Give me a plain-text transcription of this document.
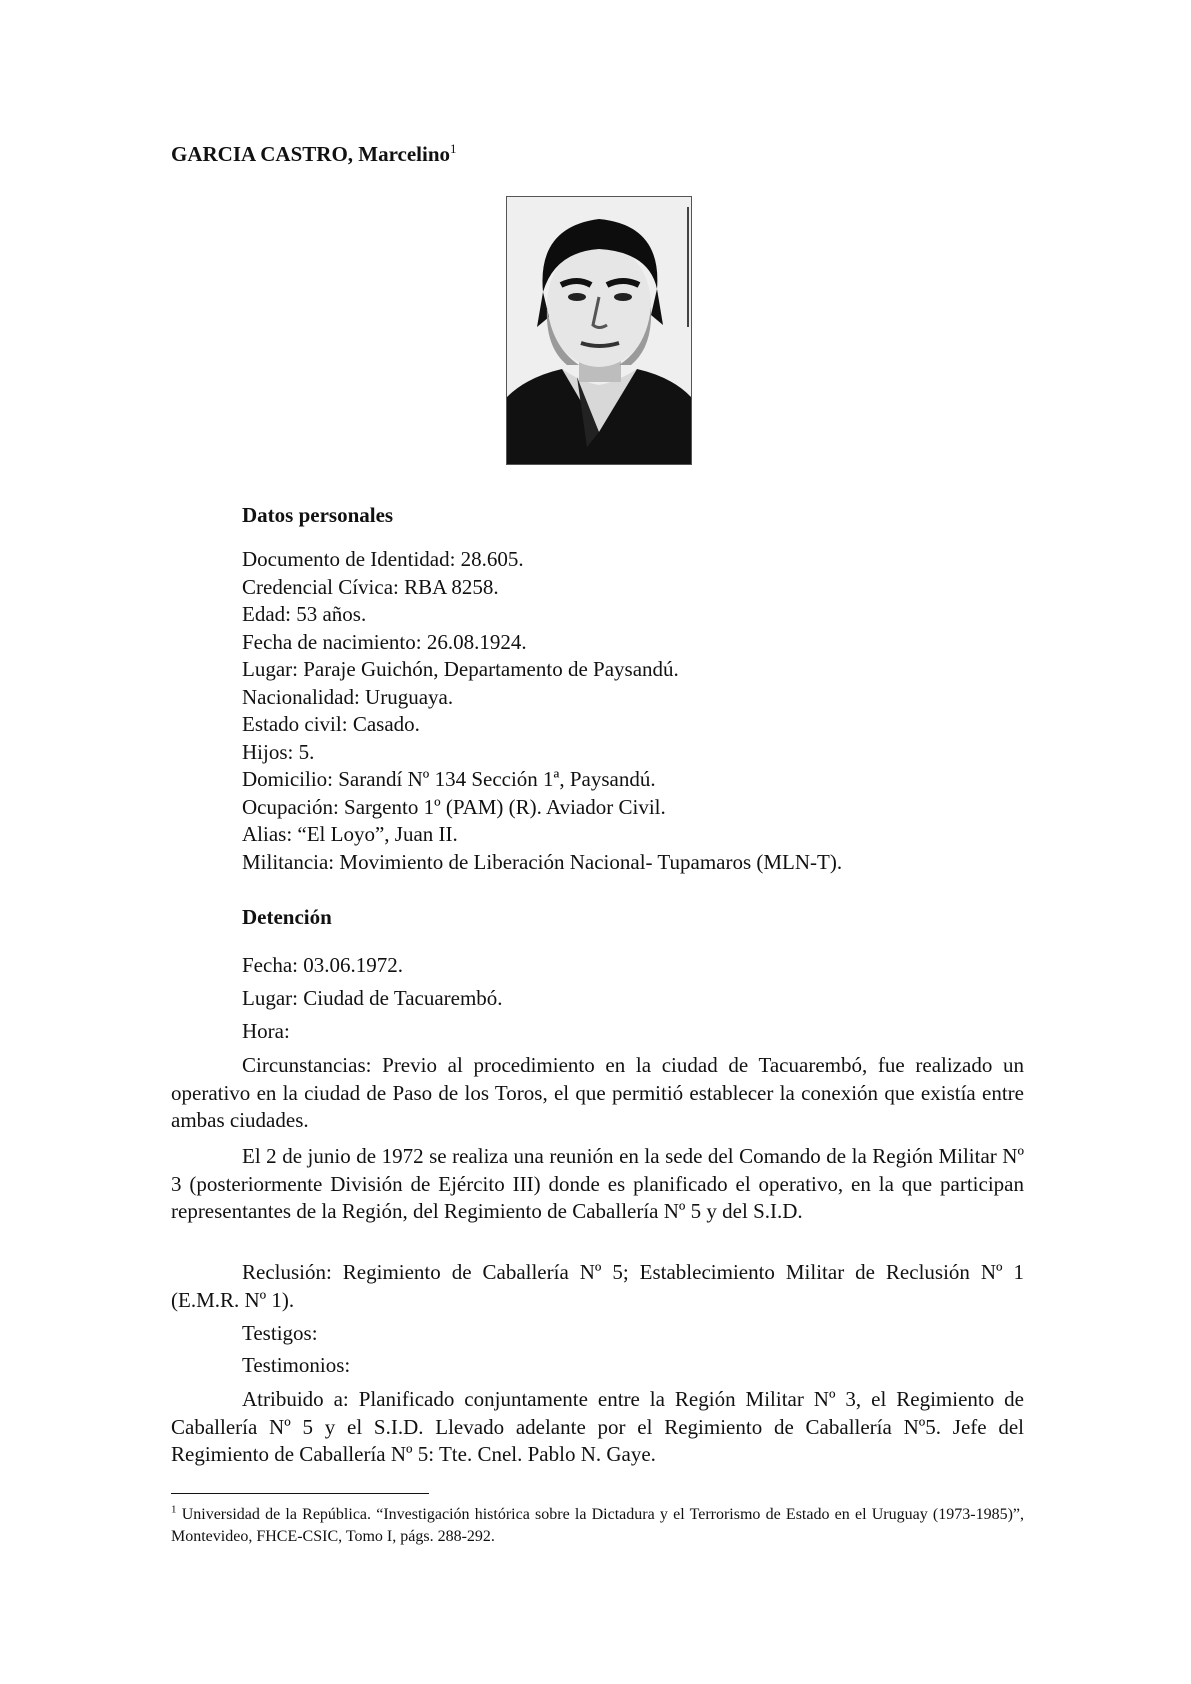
GARCIA CASTRO, Marcelino$^1$
Datos personales
Documento de Identidad: 28.605.
Credencial Cívica: RBA 8258.
Edad: 53 años.
Fecha de nacimiento: 26.08.1924.
Lugar: Paraje Guichón, Departamento de Paysandú.
Nacionalidad: Uruguaya.
Estado civil: Casado.
Hijos: 5.
Domicilio: Sarandí Nº 134 Sección 1ª, Paysandú.
Ocupación: Sargento 1º (PAM) (R). Aviador Civil.
Alias: “El Loyo”, Juan II.
Militancia: Movimiento de Liberación Nacional- Tupamaros (MLN-T).
Detención
Fecha: 03.06.1972.
Lugar: Ciudad de Tacuarembó.
Hora:

Circunstancias: Previo al procedimiento en la ciudad de Tacuarembó, fue realizado un operativo en la ciudad de Paso de los Toros, el que permitió establecer la conexión que existía entre ambas ciudades.

El 2 de junio de 1972 se realiza una reunión en la sede del Comando de la Región Militar Nº 3 (posteriormente División de Ejército III) donde es planificado el operativo, en la que participan representantes de la Región, del Regimiento de Caballería Nº 5 y del S.I.D.

Reclusión: Regimiento de Caballería Nº 5; Establecimiento Militar de Reclusión Nº 1 (E.M.R. Nº 1).

Testigos:
Testimonios:

Atribuido a: Planificado conjuntamente entre la Región Militar Nº 3, el Regimiento de Caballería Nº 5 y el S.I.D. Llevado adelante por el Regimiento de Caballería Nº5. Jefe del Regimiento de Caballería Nº 5: Tte. Cnel. Pablo N. Gaye.

$^1$ Universidad de la República. “Investigación histórica sobre la Dictadura y el Terrorismo de Estado en el Uruguay (1973-1985)”, Montevideo, FHCE-CSIC, Tomo I, págs. 288-292.
